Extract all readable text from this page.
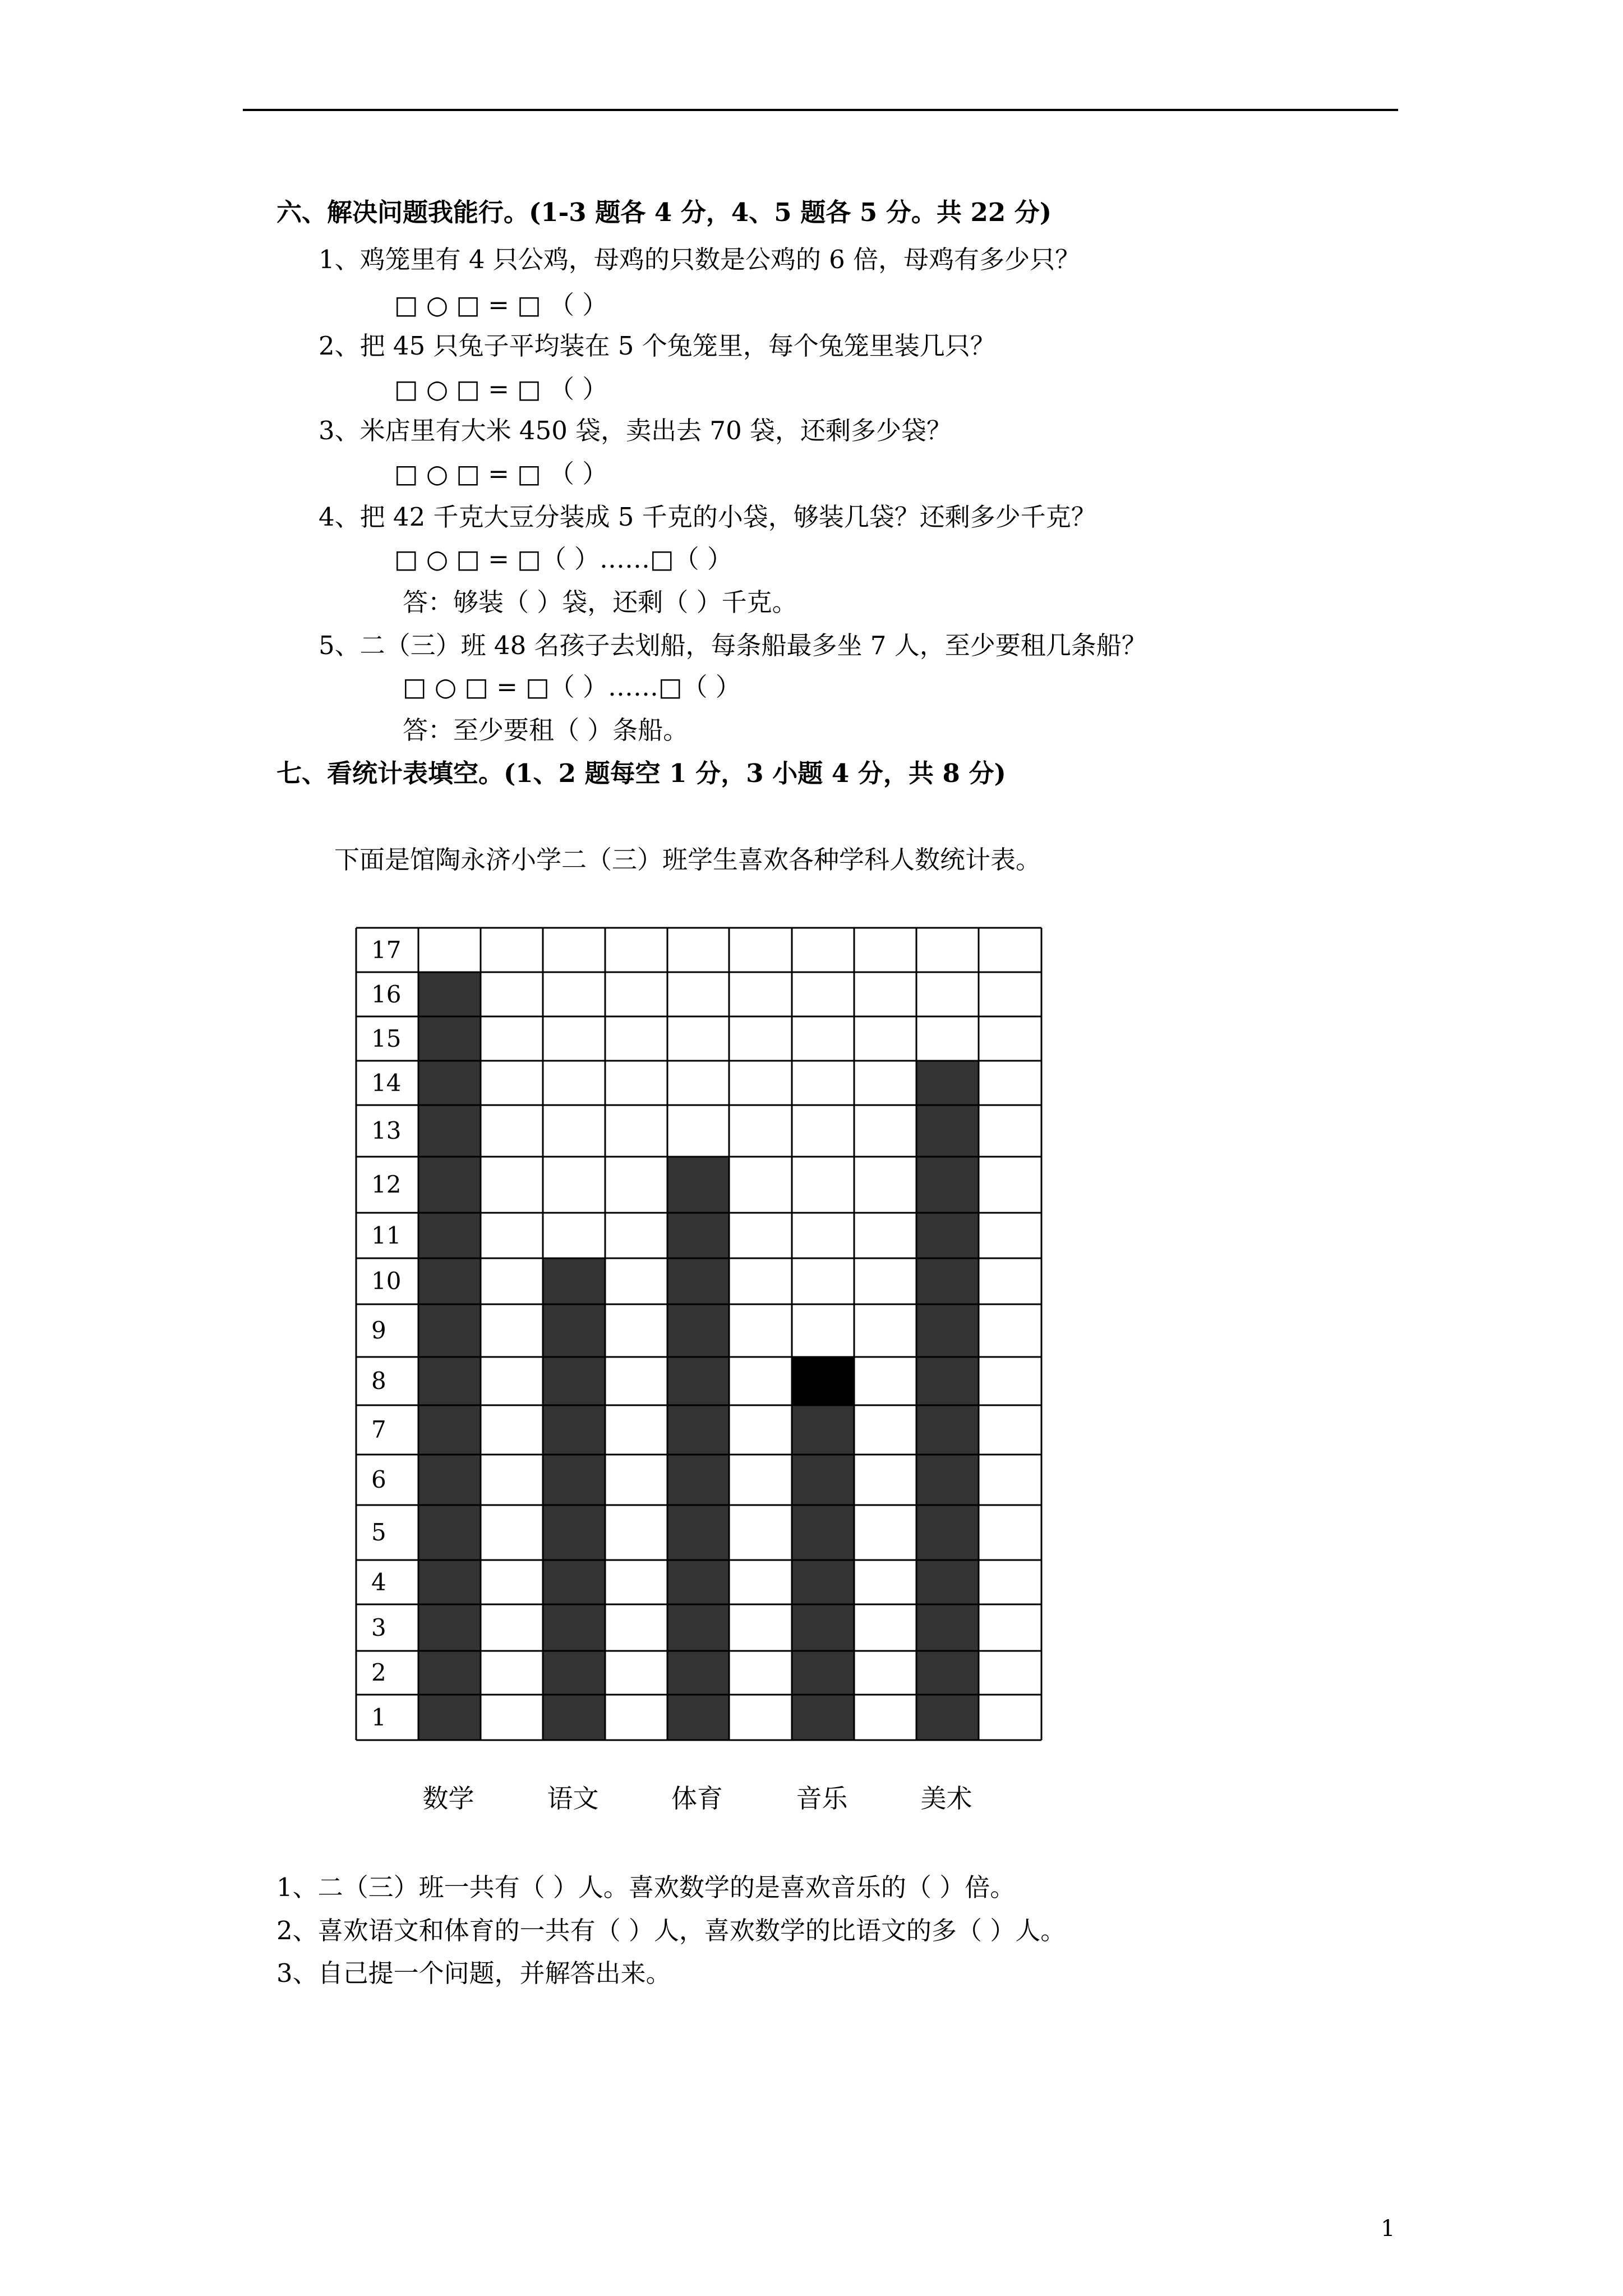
六、解决问题我能行。(1-3 题各 4 分，4、5 题各 5 分。共 22 分)
1、鸡笼里有 4 只公鸡，母鸡的只数是公鸡的 6 倍，母鸡有多少只？
□ ○ □ = □ （ ）
2、把 45 只兔子平均装在 5 个兔笼里，每个兔笼里装几只？
□ ○ □ = □ （ ）
3、米店里有大米 450 袋，卖出去 70 袋，还剩多少袋？
□ ○ □ = □ （ ）
4、把 42 千克大豆分装成 5 千克的小袋，够装几袋？还剩多少千克？
□ ○ □ = □（ ）……□（ ）
答：够装（ ）袋，还剩（ ）千克。
5、二（三）班 48 名孩子去划船，每条船最多坐 7 人，至少要租几条船？
□ ○ □ = □（ ）……□（ ）
答：至少要租（ ）条船。
七、看统计表填空。(1、2 题每空 1 分，3 小题 4 分，共 8 分)
下面是馆陶永济小学二（三）班学生喜欢各种学科人数统计表。
1
2
3
4
5
6
7
8
9
10
11
12
13
14
15
16
17
数学	语文	体育	音乐	美术
1、二（三）班一共有（ ）人。喜欢数学的是喜欢音乐的（ ）倍。
2、喜欢语文和体育的一共有（ ）人，喜欢数学的比语文的多（ ）人。
3、自己提一个问题，并解答出来。
1
